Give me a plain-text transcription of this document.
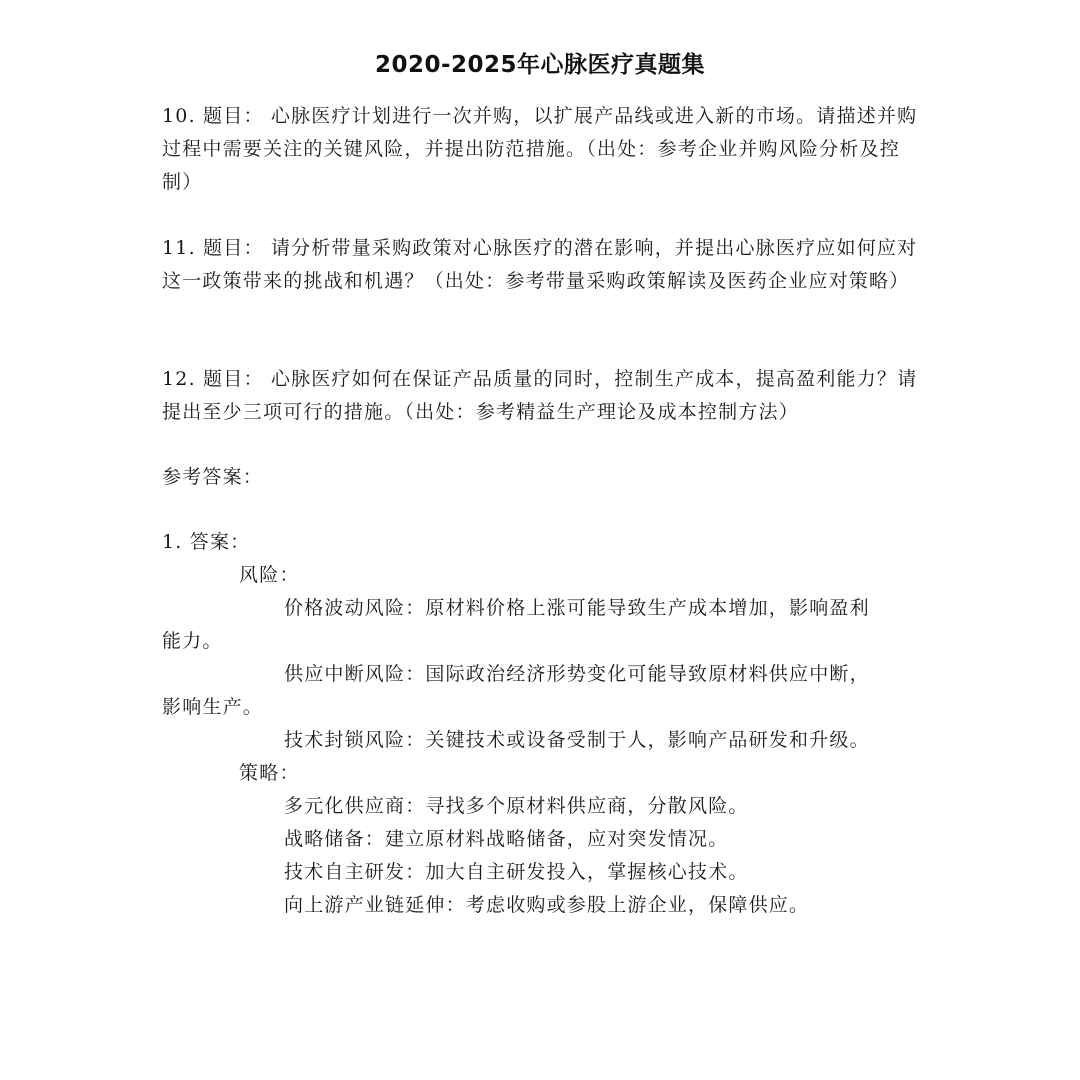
2020-2025年心脉医疗真题集
10. 题目： 心脉医疗计划进行一次并购，以扩展产品线或进入新的市场。请描述并购过程中需要关注的关键风险，并提出防范措施。（出处：参考企业并购风险分析及控制）
11. 题目： 请分析带量采购政策对心脉医疗的潜在影响，并提出心脉医疗应如何应对这一政策带来的挑战和机遇？（出处：参考带量采购政策解读及医药企业应对策略）
12. 题目： 心脉医疗如何在保证产品质量的同时，控制生产成本，提高盈利能力？请提出至少三项可行的措施。（出处：参考精益生产理论及成本控制方法）
参考答案：
1. 答案：
风险：
价格波动风险：原材料价格上涨可能导致生产成本增加，影响盈利
能力。
供应中断风险：国际政治经济形势变化可能导致原材料供应中断，
影响生产。
技术封锁风险：关键技术或设备受制于人，影响产品研发和升级。
策略：
多元化供应商：寻找多个原材料供应商，分散风险。
战略储备：建立原材料战略储备，应对突发情况。
技术自主研发：加大自主研发投入，掌握核心技术。
向上游产业链延伸：考虑收购或参股上游企业，保障供应。
